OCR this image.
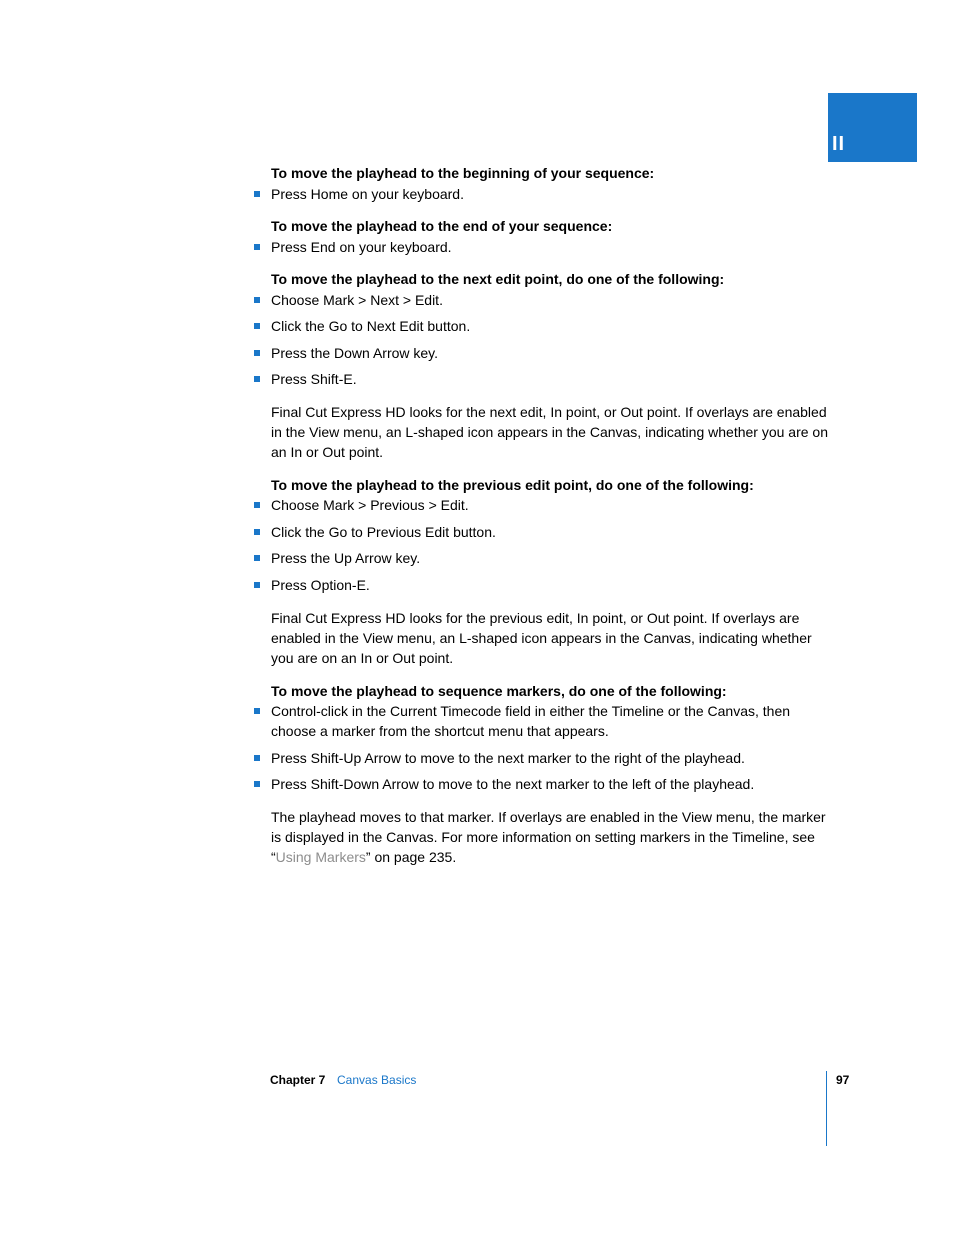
II
To move the playhead to the beginning of your sequence:
Press Home on your keyboard.
To move the playhead to the end of your sequence:
Press End on your keyboard.
To move the playhead to the next edit point, do one of the following:
Choose Mark > Next > Edit.
Click the Go to Next Edit button.
Press the Down Arrow key.
Press Shift-E.
Final Cut Express HD looks for the next edit, In point, or Out point. If overlays are enabled in the View menu, an L-shaped icon appears in the Canvas, indicating whether you are on an In or Out point.
To move the playhead to the previous edit point, do one of the following:
Choose Mark > Previous > Edit.
Click the Go to Previous Edit button.
Press the Up Arrow key.
Press Option-E.
Final Cut Express HD looks for the previous edit, In point, or Out point. If overlays are enabled in the View menu, an L-shaped icon appears in the Canvas, indicating whether you are on an In or Out point.
To move the playhead to sequence markers, do one of the following:
Control-click in the Current Timecode field in either the Timeline or the Canvas, then choose a marker from the shortcut menu that appears.
Press Shift-Up Arrow to move to the next marker to the right of the playhead.
Press Shift-Down Arrow to move to the next marker to the left of the playhead.
The playhead moves to that marker. If overlays are enabled in the View menu, the marker is displayed in the Canvas. For more information on setting markers in the Timeline, see “Using Markers” on page 235.
Chapter 7 Canvas Basics	97
